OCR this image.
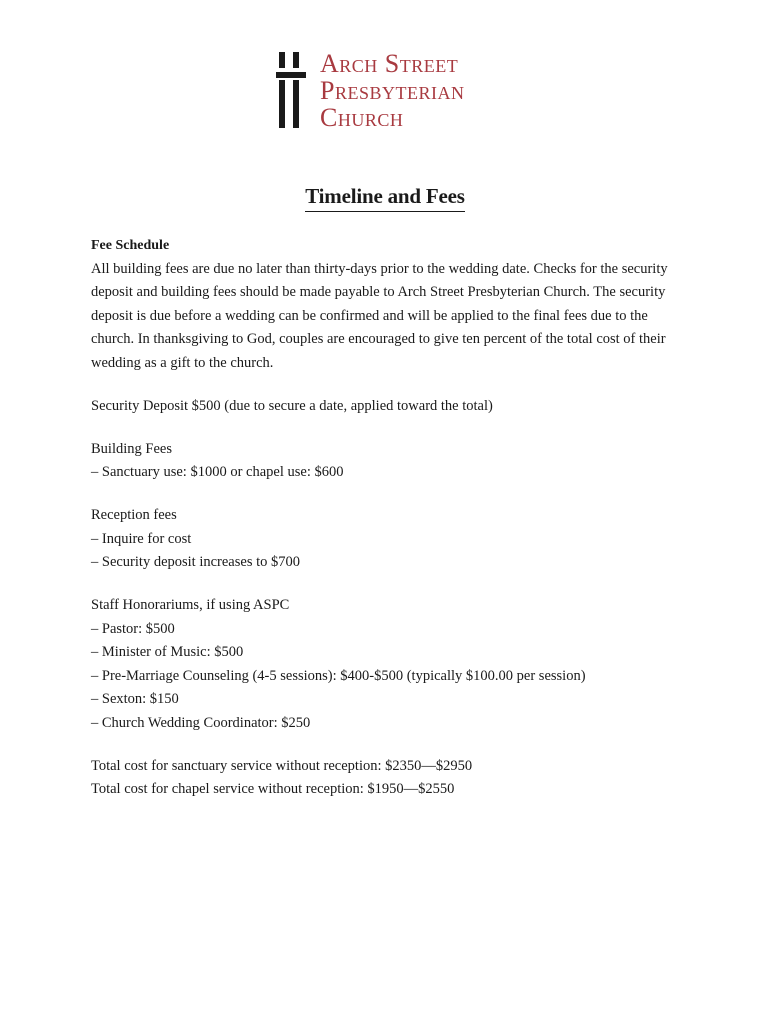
Arch Street
Presbyterian
Church
Timeline and Fees

Fee Schedule

All building fees are due no later than thirty-days prior to the wedding date. Checks for the security deposit and building fees should be made payable to Arch Street Presbyterian Church. The security deposit is due before a wedding can be confirmed and will be applied to the final fees due to the church. In thanksgiving to God, couples are encouraged to give ten percent of the total cost of their wedding as a gift to the church.

Security Deposit $500 (due to secure a date, applied toward the total)

Building Fees

– Sanctuary use: $1000 or chapel use: $600

Reception fees

– Inquire for cost

– Security deposit increases to $700

Staff Honorariums, if using ASPC

– Pastor: $500

– Minister of Music: $500

– Pre-Marriage Counseling (4-5 sessions): $400-$500 (typically $100.00 per session)

– Sexton: $150

– Church Wedding Coordinator: $250

Total cost for sanctuary service without reception: $2350—$2950

Total cost for chapel service without reception: $1950—$2550
